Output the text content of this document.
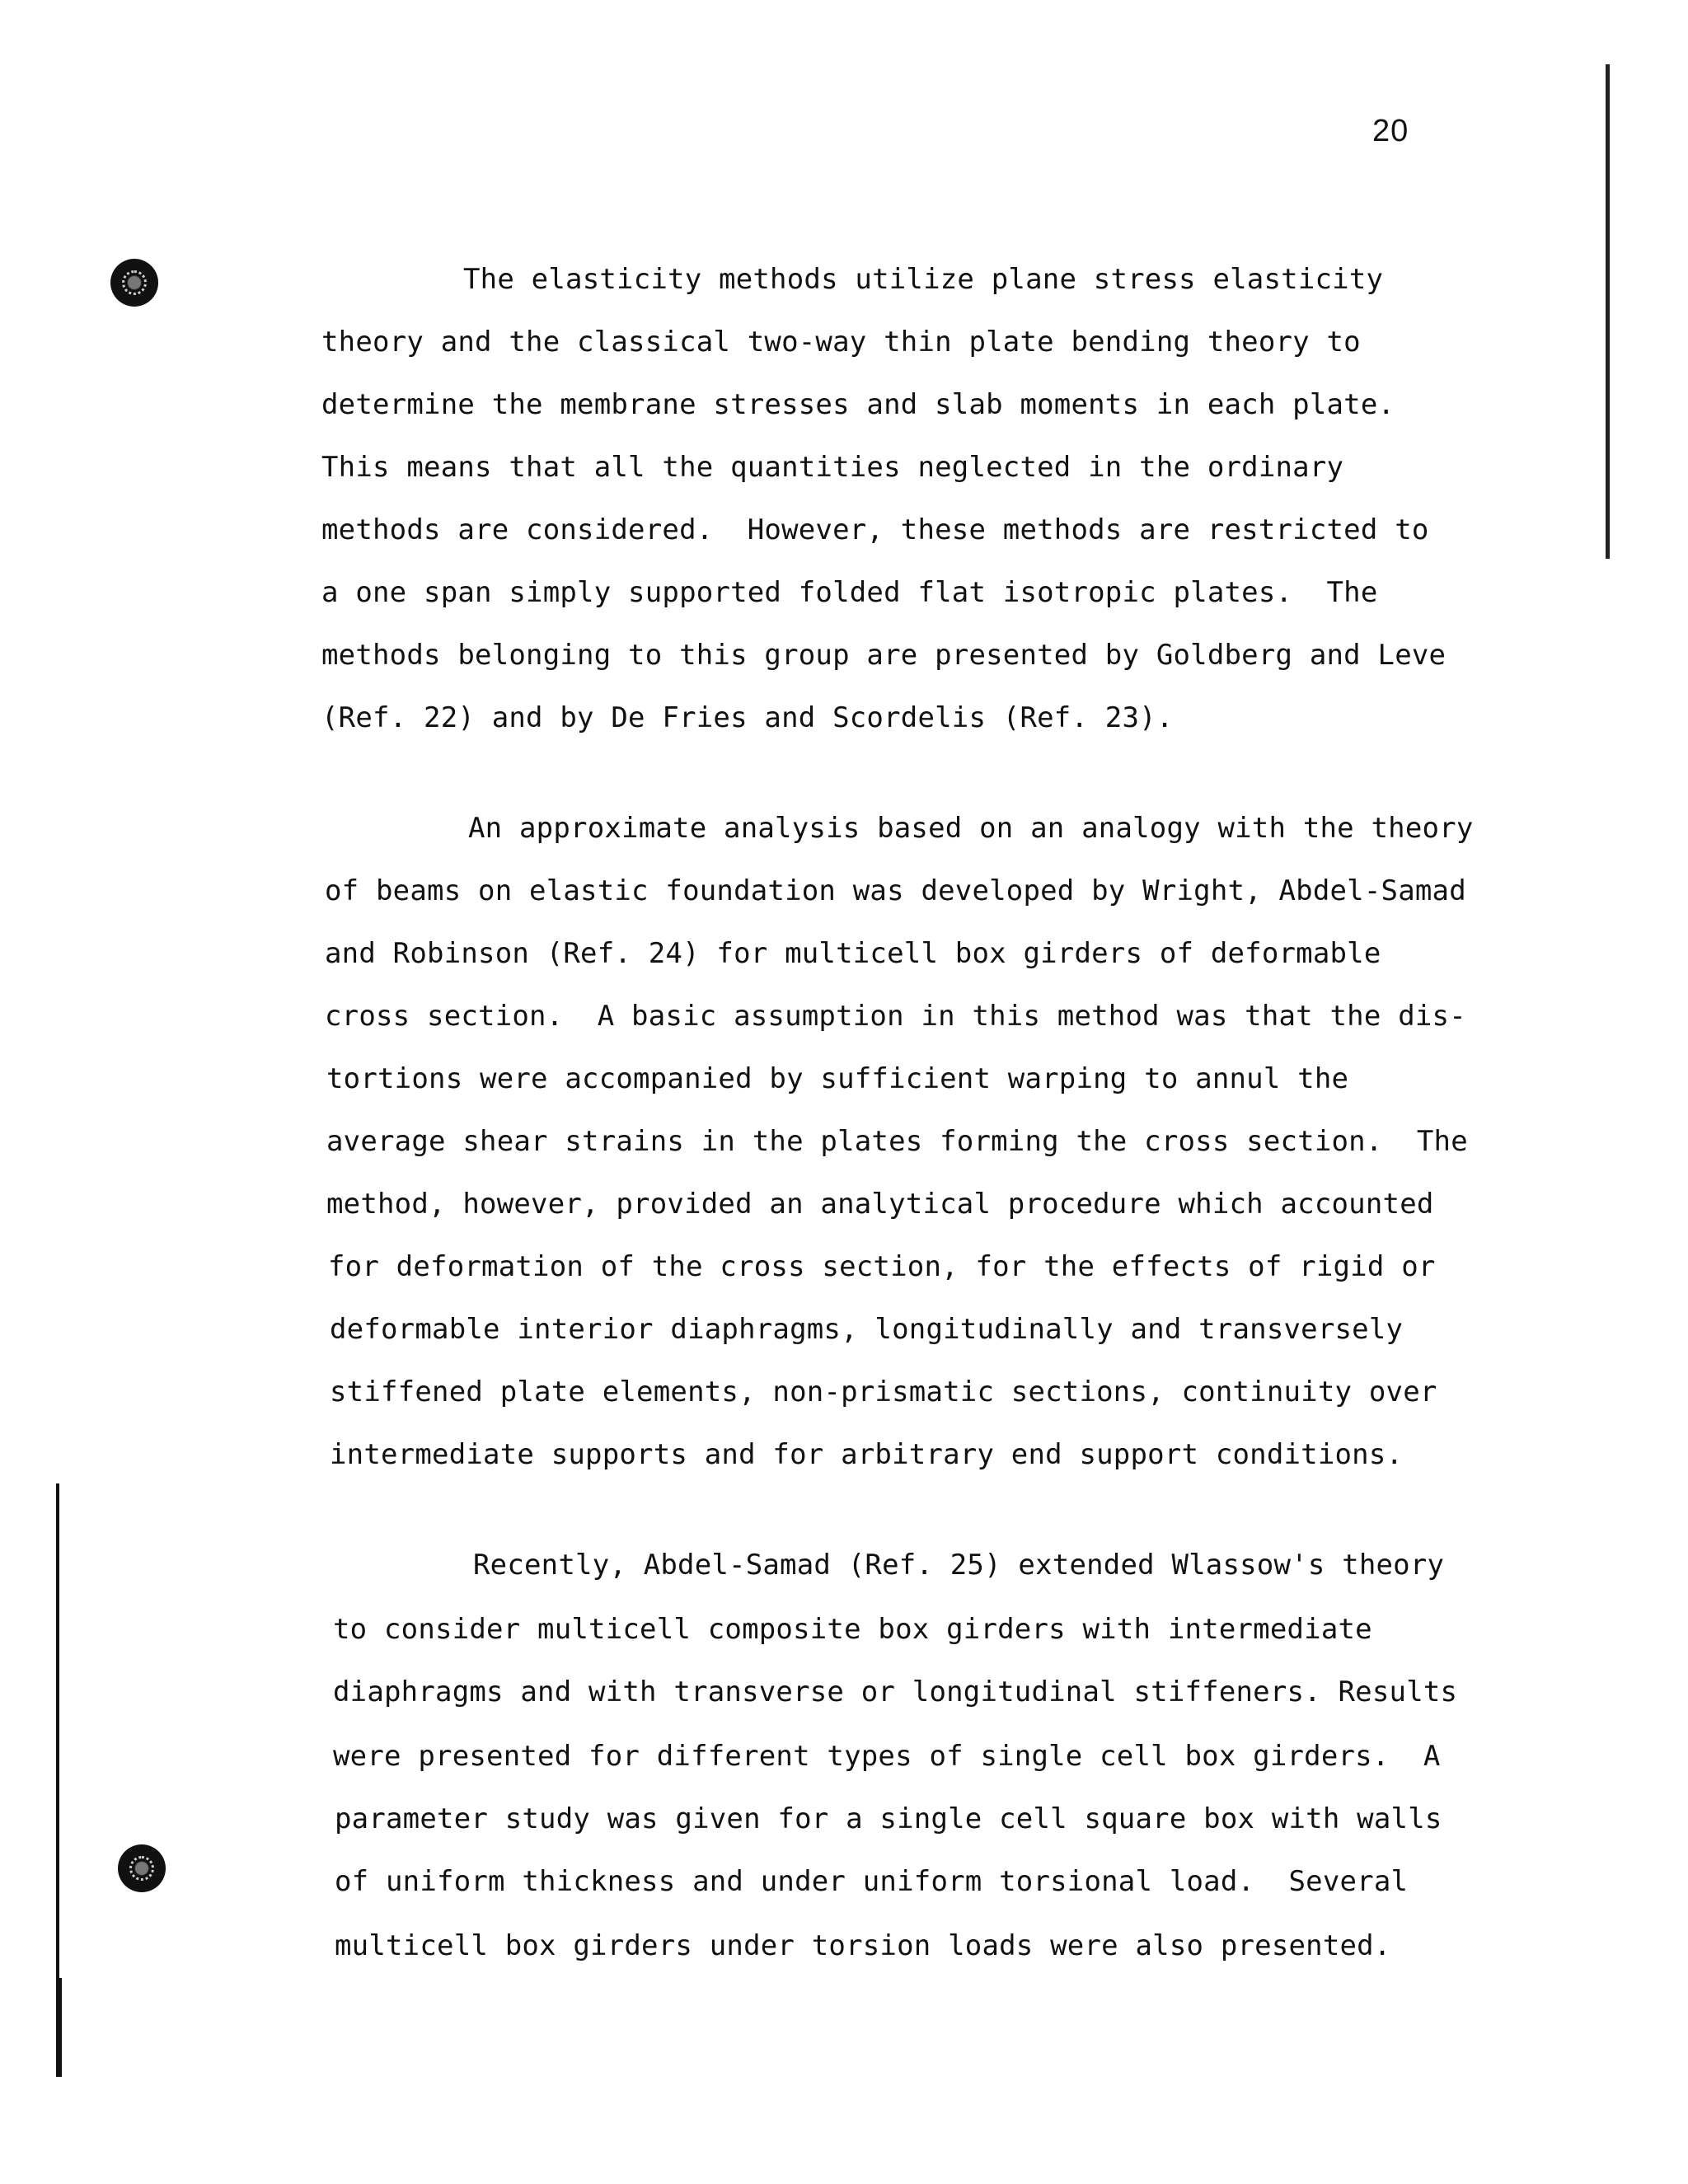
20
The elasticity methods utilize plane stress elasticity
theory and the classical two-way thin plate bending theory to
determine the membrane stresses and slab moments in each plate.
This means that all the quantities neglected in the ordinary
methods are considered.  However, these methods are restricted to
a one span simply supported folded flat isotropic plates.  The
methods belonging to this group are presented by Goldberg and Leve
(Ref. 22) and by De Fries and Scordelis (Ref. 23).
An approximate analysis based on an analogy with the theory
of beams on elastic foundation was developed by Wright, Abdel-Samad
and Robinson (Ref. 24) for multicell box girders of deformable
cross section.  A basic assumption in this method was that the dis-
tortions were accompanied by sufficient warping to annul the
average shear strains in the plates forming the cross section.  The
method, however, provided an analytical procedure which accounted
for deformation of the cross section, for the effects of rigid or
deformable interior diaphragms, longitudinally and transversely
stiffened plate elements, non-prismatic sections, continuity over
intermediate supports and for arbitrary end support conditions.
Recently, Abdel-Samad (Ref. 25) extended Wlassow's theory
to consider multicell composite box girders with intermediate
diaphragms and with transverse or longitudinal stiffeners. Results
were presented for different types of single cell box girders.  A
parameter study was given for a single cell square box with walls
of uniform thickness and under uniform torsional load.  Several
multicell box girders under torsion loads were also presented.
